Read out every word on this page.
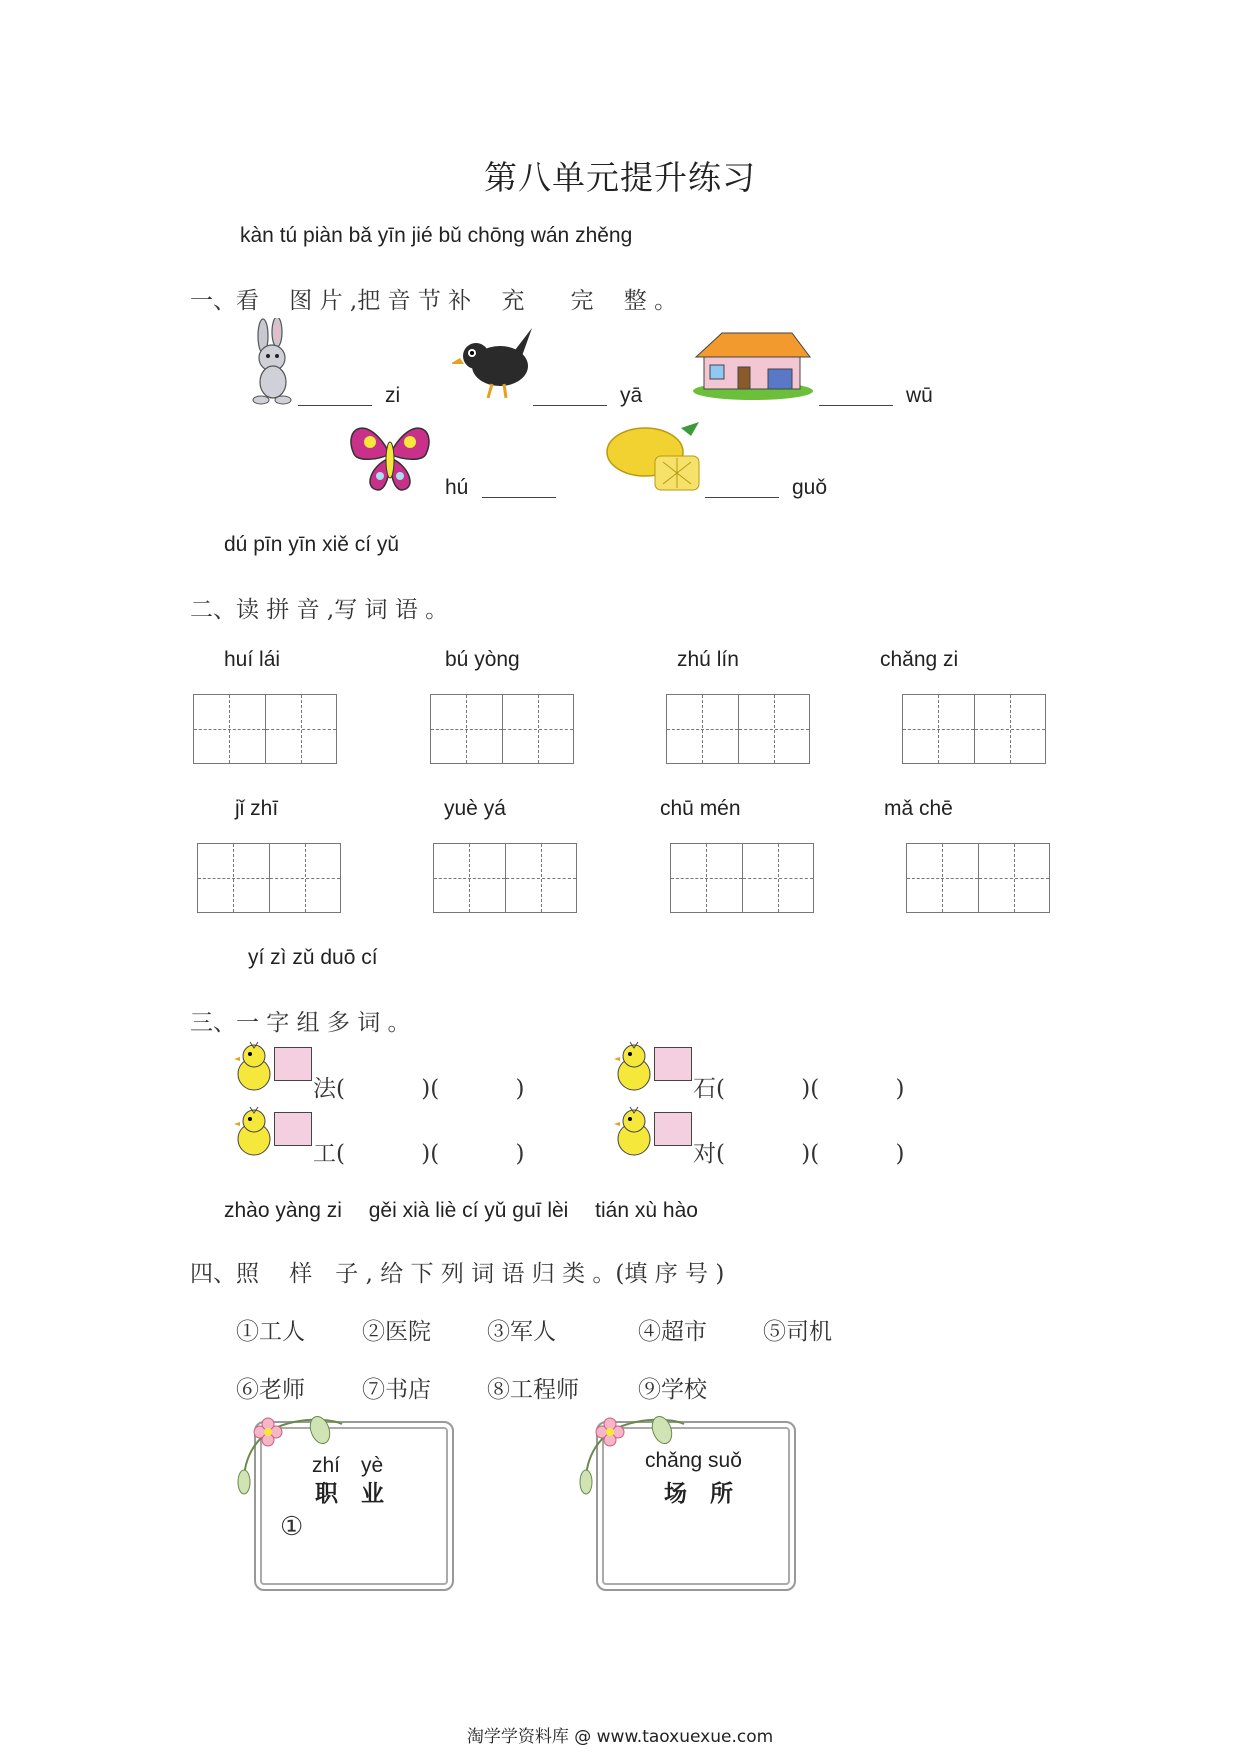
第八单元提升练习
kàn tú piàn bǎ yīn jié bǔ chōng wán zhěng
一、看　 图 片 ,把 音 节 补　 充　　完　 整 。
zi	yā	wū
hú	guǒ
dú pīn yīn xiě cí yǔ
二、读 拼 音 ,写 词 语 。
huí lái	bú yòng	zhú lín	chǎng zi
jǐ zhī	yuè yá	chū mén	mǎ chē
yí zì zǔ duō cí
三、一 字 组 多 词 。
法(　　　 )(　　　 )	石(　　　 )(　　　 )
工(　　　 )(　　　 )	对(　　　 )(　　　 )
zhào yàng zi　 gěi xià liè cí yǔ guī lèi　 tián xù hào
四、照　 样　子 , 给 下 列 词 语 归 类 。(填 序 号 )
①工人 ②医院 ③军人	④超市 ⑤司机
⑥老师 ⑦书店 ⑧工程师	⑨学校
zhí　yè
职　业
①
chǎng suǒ
场　所
淘学学资料库 @ www.taoxuexue.com
